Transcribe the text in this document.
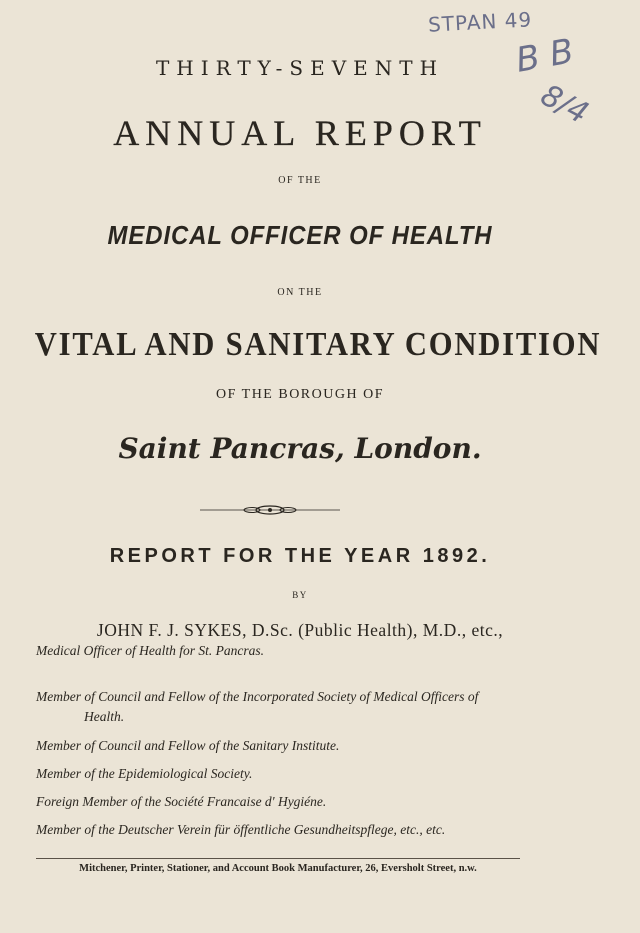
STPAN 49
B B
8/4
THIRTY-SEVENTH
ANNUAL REPORT
OF THE
MEDICAL OFFICER OF HEALTH
ON THE
VITAL AND SANITARY CONDITION
OF THE BOROUGH OF
Saint Pancras, London.
REPORT FOR THE YEAR 1892.
BY
JOHN F. J. SYKES, D.Sc. (Public Health), M.D., etc.,
Medical Officer of Health for St. Pancras.
Member of Council and Fellow of the Incorporated Society of Medical Officers of
Health.
Member of Council and Fellow of the Sanitary Institute.
Member of the Epidemiological Society.
Foreign Member of the Société Francaise d' Hygiéne.
Member of the Deutscher Verein für öffentliche Gesundheitspflege, etc., etc.
Mitchener, Printer, Stationer, and Account Book Manufacturer, 26, Eversholt Street, n.w.
